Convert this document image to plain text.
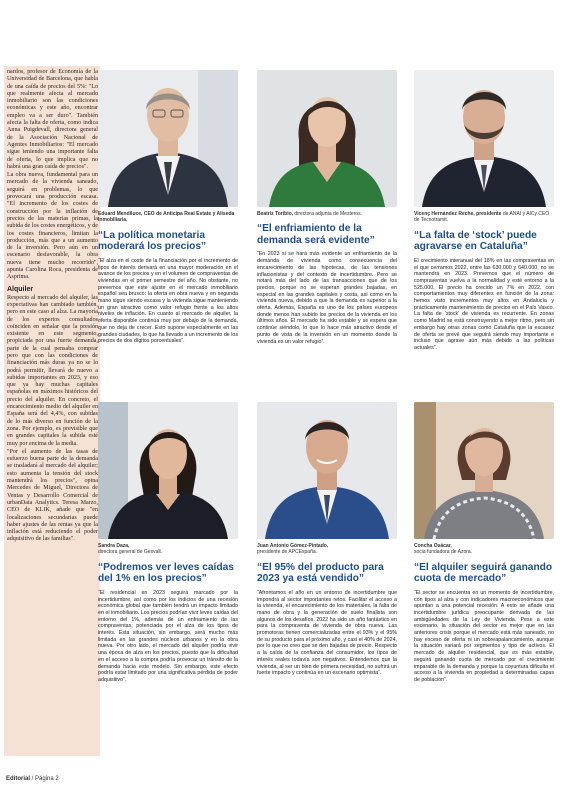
nardos, profesor de Economía de la Universidad de Barcelona, que habla de una caída de precios del 5%: "Lo que realmente afecta al mercado inmobiliario son las condiciones económicas y este año, encontrar empleo va a ser duro". También afecta la falta de oferta, como indica Anna Puigdevall, directora general de la Asociación Nacional de Agentes Inmobiliarios: "El mercado sigue teniendo una importante falta de oferta, lo que implica que no habrá una gran caída de precios".

La obra nueva, fundamental para un mercado de la vivienda saneado, seguirá en problemas, lo que provocará una producción escasa. "El incremento de los costes de construcción por la inflación de precios de las materias primas, la subida de los costes energéticos, y de los costes financieros, limitan la producción, más que a un aumento de la inversión. Pero aún en un escenario desfavorable, la obra nueva tiene mucho recorrido", apunta Carolina Roca, presidenta de Asprima.

Alquiler

Respecto al mercado del alquiler, las expectativas han cambiado también, pero en este caso al alza. La mayoría de los expertos consultados coinciden en señalar que la presión existente en este segmento, propiciada por una fuerte demanda, parte de la cual pensaba comprar pero que con las condiciones de financiación más duras ya no se lo podrá permitir, llevará de nuevo a subidas importantes en 2023, y eso que ya hay muchas capitales españolas en máximos históricos del precio del alquiler. En concreto, el encarecimiento medio del alquiler en España será del 4,4%, con subidas de lo más diverso en función de la zona. Por ejemplo, es previsible que en grandes capitales la subida esté muy por encima de la media.

"Por el aumento de las tasas de esfuerzo buena parte de la demanda se trasladará al mercado del alquiler; esto aumenta la tensión del stock mantendrá los precios", opina Mercedes de Miguel, Directora de Ventas y Desarrollo Comercial de urbanData Analytics. Teresa Marzo, CEO de KLIK, añade que "en localizaciones secundarias puede haber ajustes de las rentas ya que la inflación está reduciendo el poder adquisitivo de las familias".

Eduard Mendiluce, CEO de Anticipa Real Estate y Aliseda Inmobiliaria.
“La política monetaria moderará los precios”
“El alza en el coste de la financiación por el incremento de tipos de interés derivará en una mayor moderación en el avance de los precios y en el volumen de compraventas de viviendas en el primer semestre del año. No obstante, no prevemos que este ajuste en el mercado inmobiliario español sea brusco: la oferta en obra nueva y en segunda mano sigue siendo escasa y la vivienda sigue manteniendo un gran atractivo como valor refugio frente a los altos niveles de inflación. En cuanto al mercado de alquiler, la oferta disponible continúa muy por debajo de la demanda, que no deja de crecer. Esto supone especialmente en las grandes ciudades, lo que ha llevado a un incremento de los precios de dos dígitos porcentuales”.
Beatriz Toribio, directora adjunta de Mesteros.
“El enfriamiento de la demanda será evidente”
“En 2023 si se hará más evidente un enfriamiento de la demanda de vivienda como consecuencia del encarecimiento de las hipotecas, de las tensiones inflacionistas y del contexto de incertidumbre. Pero se notará más del lado de las transacciones que de los precios, porque no se esperan grandes bajadas, en especial en las grandes capitales y costa, así como en la vivienda nueva, debido a que la demanda es superior a la oferta. Además, España es uno de los países europeos donde menos han subido los precios de la vivienda en los últimos años. El mercado ha sido estable y se espera que continúe siéndolo, lo que lo hace más atractivo desde el punto de vista de la inversión en un momento donde la vivienda es un valor refugio”.
Vicenç Hernández Reche, presidente de ANAI y AICy CEO de Tecnotramit.
“La falta de ‘stock’ puede agravarse en Cataluña”
El crecimiento interanual del 18% en las compraventas en el que cerramos 2022, entre las 630.000 y 640.000, no se mantendrá en 2023. Prevemos que el número de compraventas vuelva a la normalidad y esté entorno a la 525.000. El precio ha crecido un 7% en 2022, con comportamientos muy diferentes en función de la zona: hemos visto incrementos muy altos en Andalucía y prácticamente mantenimiento de precios en el País Vasco. La falta de ‘stock’ de vivienda es recurrente. En zonas como Madrid se está construyendo a mejor ritmo, pero sin embargo hay otras zonas como Cataluña que la escasez de oferta se prevé que seguirá siendo muy importante e incluso que agrave aún más debido a las políticas actuales”.
Sandra Daza,
directora general de Gesvalt.
“Podremos ver leves caídas del 1% en los precios”
“El residencial en 2023 seguirá marcado por la incertidumbre, así como por los indicios de una recesión económica global que también tendrá un impacto limitado en el inmobiliario. Los precios podrían vivir leves caídas del entorno del 1%, además de un enfriamiento de las compraventas, potenciada por el alza de los tipos de interés. Esta situación, sin embargo, será mucho más limitada en las grandes núcleos urbanos y en la obra nueva. Por otro lado, el mercado del alquiler podría vivir una época de alza en los precios, puesto que la dificultad en el acceso a la compra podría provocar un tránsito de la demanda hacia este modelo. Sin embargo, este efecto podría estar limitado por una significativa pérdida de poder adquisitivo”.
Juan Antonio Gómez-Pintado,
presidente de APCEspaña.
“El 95% del producto para 2023 ya está vendido”
“Afrontamos el año en un entorno de incertidumbre que impondrá al sector importantes retos. Facilitar el acceso a la vivienda, el encarecimiento de los materiales, la falta de mano de obra y la generación de suelo finalista son algunos de los desafíos. 2022 ha sido un año fantástico en para la compraventa de vivienda de obra nueva. Las promotoras tienen comercializadas entre el 93% y el 95% de su producto para el próximo año, y casi el 40% de 2024, por lo que no creo que se den bajadas de precio. Respecto a la caída de la confianza del consumidor, los tipos de interés reales todavía son negativos. Entendemos que la vivienda, al ser un bien de primera necesidad, no sufrirá un fuerte impacto y continúa en un escenario optimista”.
Concha Osácar,
socia fundadora de Azora.
“El alquiler seguirá ganando cuota de mercado”
“El sector se encuentra en un momento de incertidumbre, con tipos al alza y con indicadores macroeconómicos que apuntan a una potencial recesión. A esto se añade una incertidumbre jurídica preocupante derivada de las ambigüedades de la Ley de Vivienda. Pese a este escenario, la situación del sector es mejor que en las anteriores crisis porque el mercado está más saneado, no hay exceso de oferta ni un sobreapalancamiento, aunque la situación variará por segmentos y tipo de activos. El mercado de alquiler residencial, que es más estable, seguirá ganando cuota de mercado por el crecimiento imparable de la demanda y porque la coyuntura dificulta el acceso a la vivienda en propiedad a determinadas capas de población”.
Editorial / Página 2
